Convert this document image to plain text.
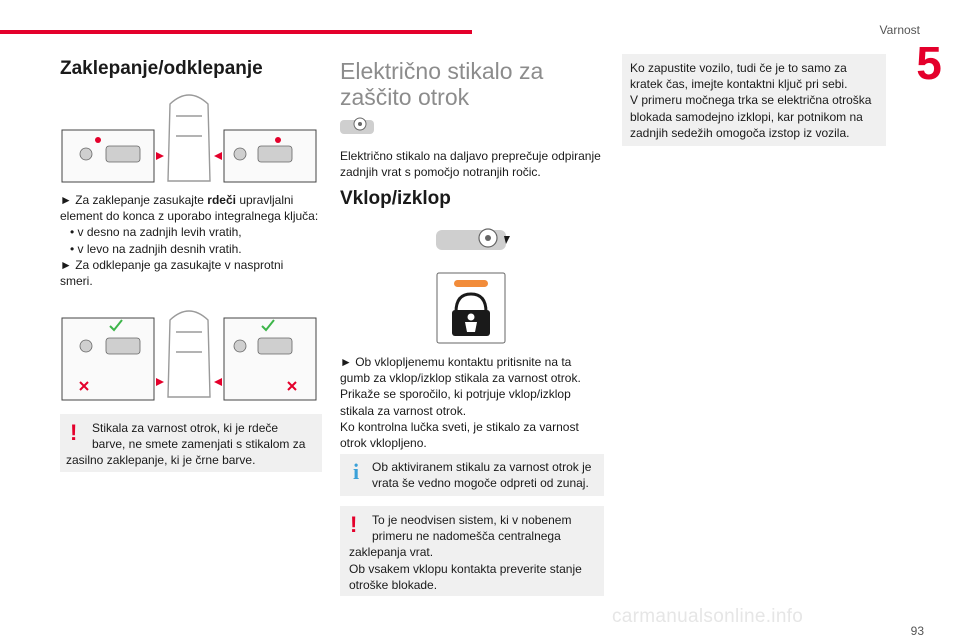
Varnost
5
Zaklepanje/odklepanje
► Za zaklepanje zasukajte rdeči upravljalni
element do konca z uporabo integralnega ključa:
• v desno na zadnjih levih vratih,
• v levo na zadnjih desnih vratih.
► Za odklepanje ga zasukajte v nasprotni
smeri.
! Stikala za varnost otrok, ki je rdeče
barve, ne smete zamenjati s stikalom za
zasilno zaklepanje, ki je črne barve.
Električno stikalo za
zaščito otrok
Električno stikalo na daljavo preprečuje odpiranje
zadnjih vrat s pomočjo notranjih ročic.
Vklop/izklop
► Ob vklopljenemu kontaktu pritisnite na ta
gumb za vklop/izklop stikala za varnost otrok.
Prikaže se sporočilo, ki potrjuje vklop/izklop
stikala za varnost otrok.
Ko kontrolna lučka sveti, je stikalo za varnost
otrok vklopljeno.
i Ob aktiviranem stikalu za varnost otrok je
vrata še vedno mogoče odpreti od zunaj.
! To je neodvisen sistem, ki v nobenem
primeru ne nadomešča centralnega
zaklepanja vrat.
Ob vsakem vklopu kontakta preverite stanje
otroške blokade.
Ko zapustite vozilo, tudi če je to samo za
kratek čas, imejte kontaktni ključ pri sebi.
V primeru močnega trka se električna otroška
blokada samodejno izklopi, kar potnikom na
zadnjih sedežih omogoča izstop iz vozila.
carmanualsonline.info
93
